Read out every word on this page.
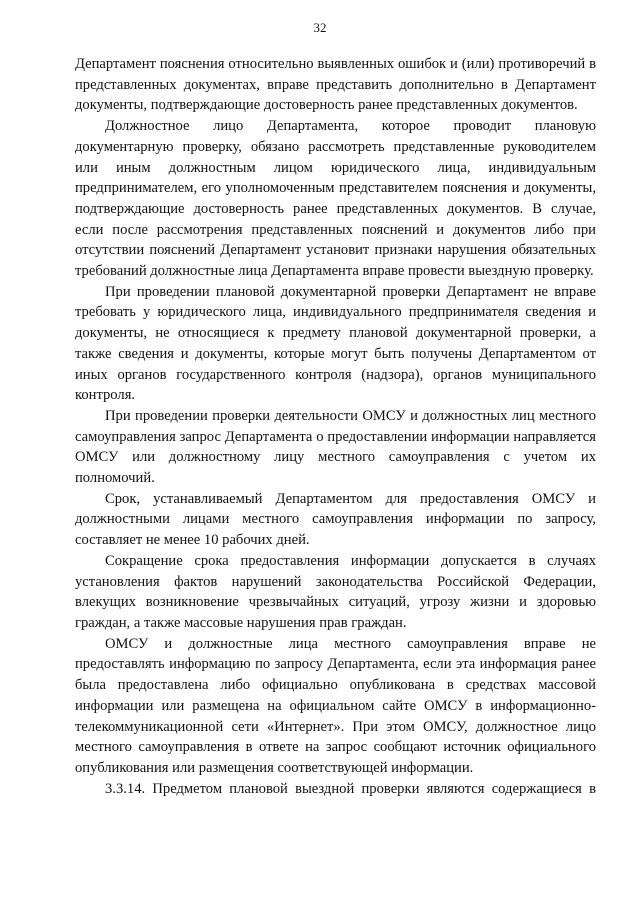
32

Департамент пояснения относительно выявленных ошибок и (или) противоречий в представленных документах, вправе представить дополнительно в Департамент документы, подтверждающие достоверность ранее представленных документов.

Должностное лицо Департамента, которое проводит плановую документарную проверку, обязано рассмотреть представленные руководителем или иным должностным лицом юридического лица, индивидуальным предпринимателем, его уполномоченным представителем пояснения и документы, подтверждающие достоверность ранее представленных документов. В случае, если после рассмотрения представленных пояснений и документов либо при отсутствии пояснений Департамент установит признаки нарушения обязательных требований должностные лица Департамента вправе провести выездную проверку.

При проведении плановой документарной проверки Департамент не вправе требовать у юридического лица, индивидуального предпринимателя сведения и документы, не относящиеся к предмету плановой документарной проверки, а также сведения и документы, которые могут быть получены Департаментом от иных органов государственного контроля (надзора), органов муниципального контроля.

При проведении проверки деятельности ОМСУ и должностных лиц местного самоуправления запрос Департамента о предоставлении информации направляется ОМСУ или должностному лицу местного самоуправления с учетом их полномочий.

Срок, устанавливаемый Департаментом для предоставления ОМСУ и должностными лицами местного самоуправления информации по запросу, составляет не менее 10 рабочих дней.

Сокращение срока предоставления информации допускается в случаях установления фактов нарушений законодательства Российской Федерации, влекущих возникновение чрезвычайных ситуаций, угрозу жизни и здоровью граждан, а также массовые нарушения прав граждан.

ОМСУ и должностные лица местного самоуправления вправе не предоставлять информацию по запросу Департамента, если эта информация ранее была предоставлена либо официально опубликована в средствах массовой информации или размещена на официальном сайте ОМСУ в информационно-телекоммуникационной сети «Интернет». При этом ОМСУ, должностное лицо местного самоуправления в ответе на запрос сообщают источник официального опубликования или размещения соответствующей информации.

3.3.14. Предметом плановой выездной проверки являются содержащиеся в
